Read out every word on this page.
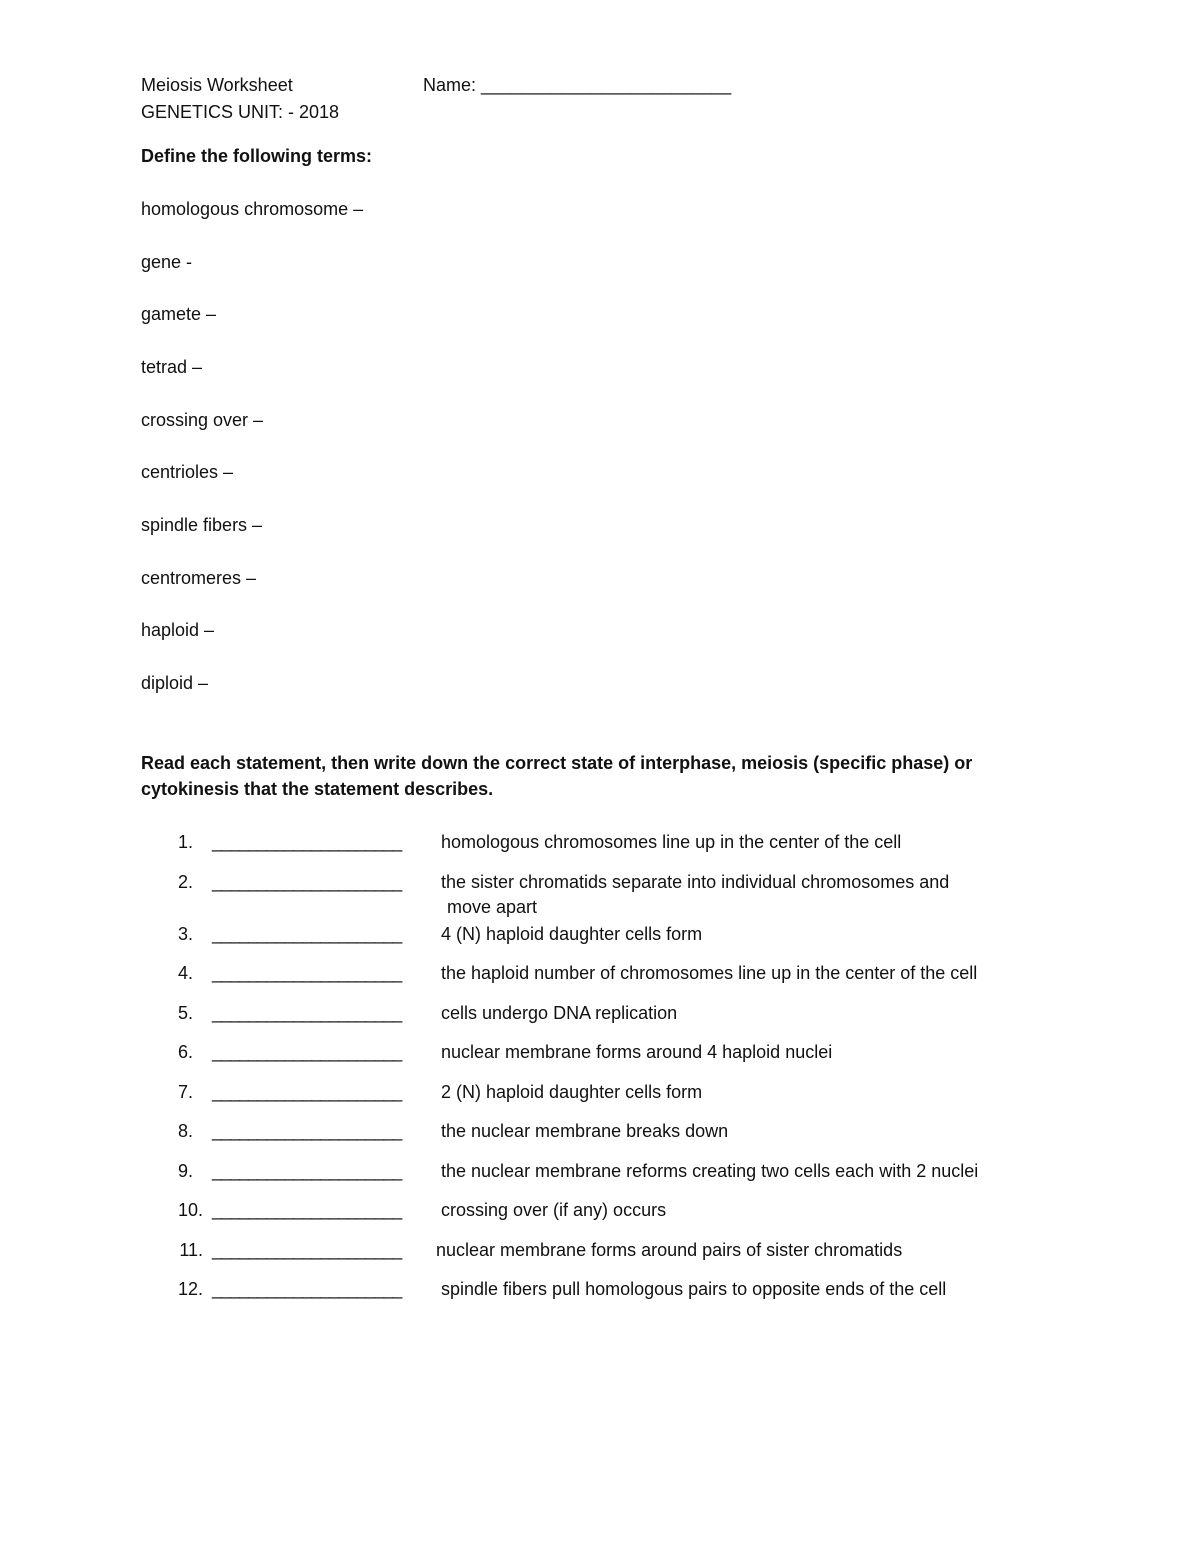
Meiosis Worksheet	Name: _________________________
GENETICS UNIT: - 2018
Define the following terms:
homologous chromosome –
gene -
gamete –
tetrad –
crossing over –
centrioles –
spindle fibers –
centromeres –
haploid –
diploid –
Read each statement, then write down the correct state of interphase, meiosis (specific phase) or
cytokinesis that the statement describes.
1. _____________________ homologous chromosomes line up in the center of the cell
2. _____________________ the sister chromatids separate into individual chromosomes and
move apart
3. _____________________ 4 (N) haploid daughter cells form
4. _____________________ the haploid number of chromosomes line up in the center of the cell
5. _____________________ cells undergo DNA replication
6. _____________________ nuclear membrane forms around 4 haploid nuclei
7. _____________________ 2 (N) haploid daughter cells form
8. _____________________ the nuclear membrane breaks down
9. _____________________ the nuclear membrane reforms creating two cells each with 2 nuclei
10. _____________________ crossing over (if any) occurs
11. _____________________ nuclear membrane forms around pairs of sister chromatids
12. _____________________ spindle fibers pull homologous pairs to opposite ends of the cell
